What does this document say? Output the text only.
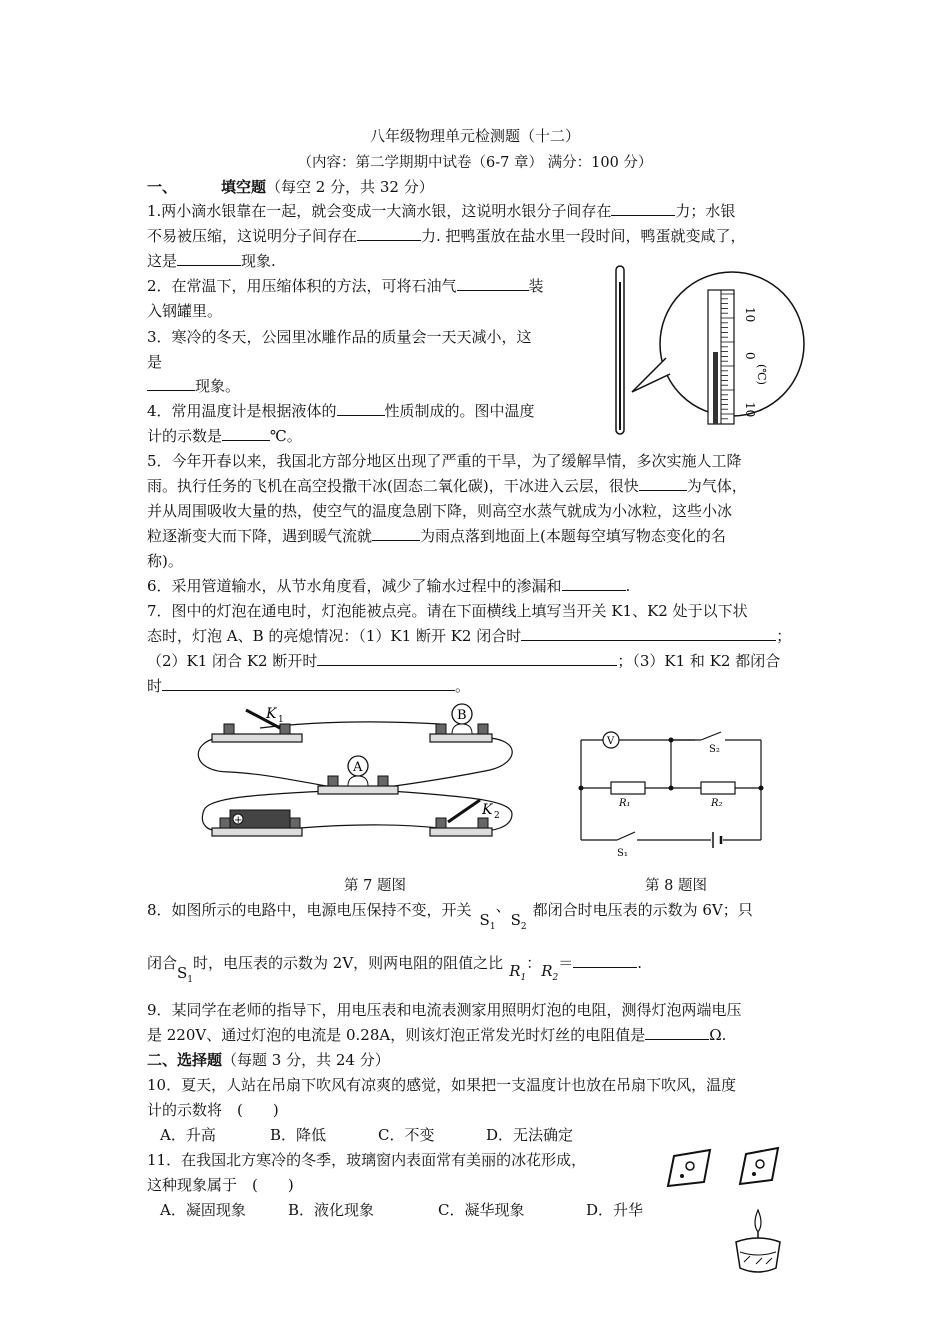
八年级物理单元检测题（十二）
（内容：第二学期期中试卷（6-7 章） 满分：100 分）
一、	填空题（每空 2 分，共 32 分）
1.两小滴水银靠在一起，就会变成一大滴水银，这说明水银分子间存在	力；水银
不易被压缩，这说明分子间存在	力. 把鸭蛋放在盐水里一段时间，鸭蛋就变咸了，
这是	现象.
2．在常温下，用压缩体积的方法，可将石油气	装
入钢罐里。
3．寒冷的冬天，公园里冰雕作品的质量会一天天减小，这
是
现象。
4．常用温度计是根据液体的	性质制成的。图中温度
计的示数是	℃。
10
0
(℃)
10
5．今年开春以来，我国北方部分地区出现了严重的干旱，为了缓解旱情，多次实施人工降
雨。执行任务的飞机在高空投撒干冰(固态二氧化碳)，干冰进入云层，很快	为气体，
并从周围吸收大量的热，使空气的温度急剧下降，则高空水蒸气就成为小冰粒，这些小冰
粒逐渐变大而下降，遇到暖气流就	为雨点落到地面上(本题每空填写物态变化的名
称)。
6．采用管道输水，从节水角度看，减少了输水过程中的渗漏和	.
7．图中的灯泡在通电时，灯泡能被点亮。请在下面横线上填写当开关 K1、K2 处于以下状
态时，灯泡 A、B 的亮熄情况：（1）K1 断开 K2 闭合时	；
（2）K1 闭合 K2 断开时	；（3）K1 和 K2 都闭合
时	。
K 1	B
A
+
K 2
第 7 题图
V
S₂
R₁	R₂
S₁
第 8 题图
8．如图所示的电路中，电源电压保持不变，开关$S_1$、$S_2$都闭合时电压表的示数为 6V；只
闭合$S_1$时，电压表的示数为 2V，则两电阻的阻值之比 $R_1$：$R_2=$	.
9．某同学在老师的指导下，用电压表和电流表测家用照明灯泡的电阻，测得灯泡两端电压
是 220V、通过灯泡的电流是 0.28A，则该灯泡正常发光时灯丝的电阻值是	Ω.
二、选择题（每题 3 分，共 24 分）
10．夏天，人站在吊扇下吹风有凉爽的感觉，如果把一支温度计也放在吊扇下吹风，温度
计的示数将　(　　)
A．升高	B．降低	C．不变	D．无法确定
11．在我国北方寒冷的冬季，玻璃窗内表面常有美丽的冰花形成，
这种现象属于　(　　)
A．凝固现象	B．液化现象	C．凝华现象	D．升华
